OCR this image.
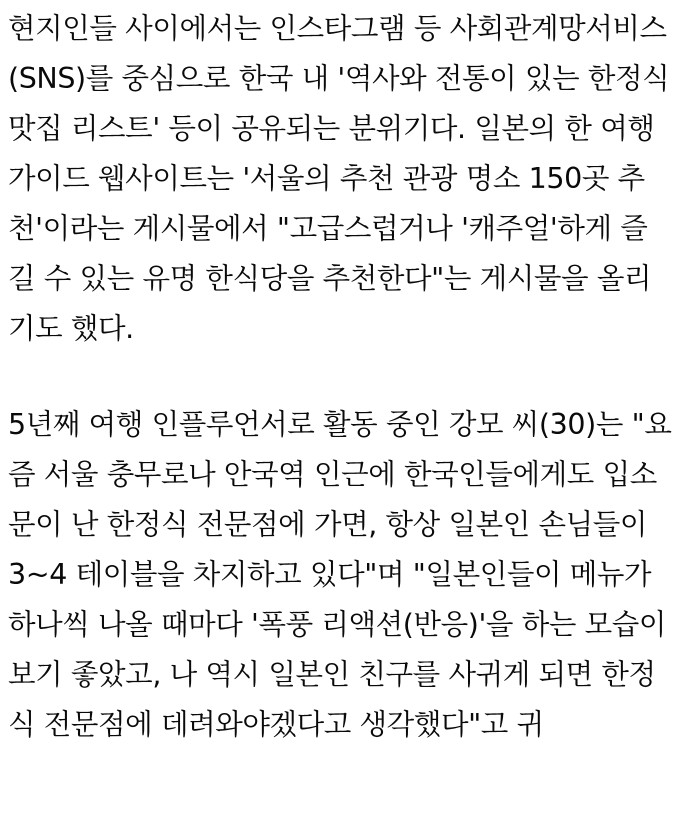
현지인들 사이에서는 인스타그램 등 사회관계망서비스(SNS)를 중심으로 한국 내 '역사와 전통이 있는 한정식 맛집 리스트' 등이 공유되는 분위기다. 일본의 한 여행 가이드 웹사이트는 '서울의 추천 관광 명소 150곳 추천'이라는 게시물에서 "고급스럽거나 '캐주얼'하게 즐길 수 있는 유명 한식당을 추천한다"는 게시물을 올리기도 했다.

5년째 여행 인플루언서로 활동 중인 강모 씨(30)는 "요즘 서울 충무로나 안국역 인근에 한국인들에게도 입소문이 난 한정식 전문점에 가면, 항상 일본인 손님들이 3~4 테이블을 차지하고 있다"며 "일본인들이 메뉴가 하나씩 나올 때마다 '폭풍 리액션(반응)'을 하는 모습이 보기 좋았고, 나 역시 일본인 친구를 사귀게 되면 한정식 전문점에 데려와야겠다고 생각했다"고 귀
